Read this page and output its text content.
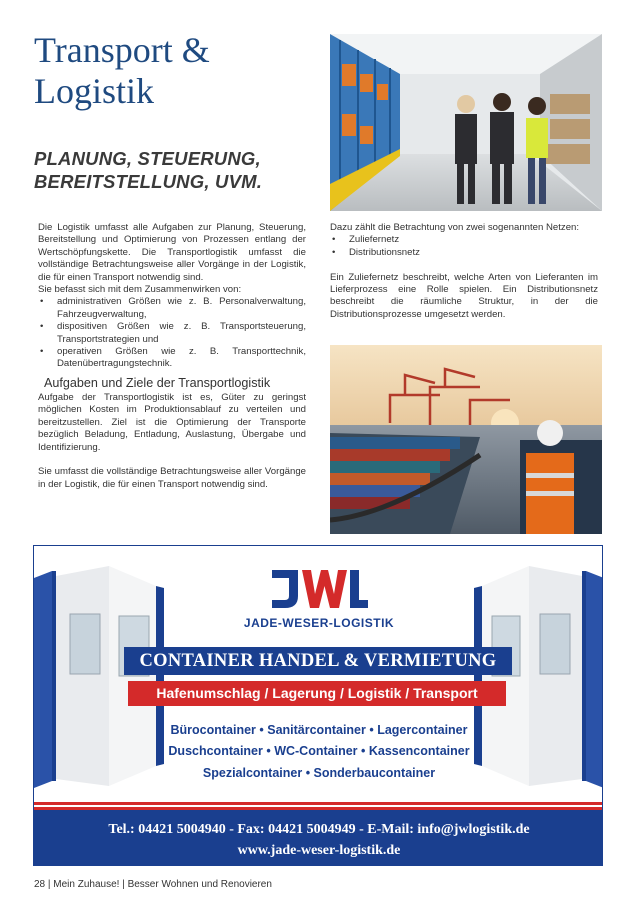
Transport &
Logistik
PLANUNG, STEUERUNG,
BEREITSTELLUNG, UVM.

Die Logistik umfasst alle Aufgaben zur Planung, Steuerung, Bereitstellung und Optimierung von Prozessen entlang der Wertschöpfungskette. Die Transportlogistik umfasst die vollständige Betrachtungsweise aller Vorgänge in der Logistik, die für einen Transport notwendig sind.

Sie befasst sich mit dem Zusammenwirken von:

• administrativen Größen wie z. B. Personalverwaltung, Fahrzeugverwaltung,
• dispositiven Größen wie z. B. Transportsteuerung, Transportstrategien und
• operativen Größen wie z. B. Transporttechnik, Datenübertragungstechnik.
Aufgaben und Ziele der Transportlogistik

Aufgabe der Transportlogistik ist es, Güter zu geringst möglichen Kosten im Produktionsablauf zu verteilen und bereitzustellen. Ziel ist die Optimierung der Transporte bezüglich Beladung, Entladung, Auslastung, Übergabe und Identifizierung.

Sie umfasst die vollständige Betrachtungsweise aller Vorgänge in der Logistik, die für einen Transport notwendig sind.

Dazu zählt die Betrachtung von zwei sogenannten Netzen:

• Zuliefernetz
• Distributionsnetz

Ein Zuliefernetz beschreibt, welche Arten von Lieferanten im Lieferprozess eine Rolle spielen. Ein Distributionsnetz beschreibt die räumliche Struktur, in der die Distributionsprozesse umgesetzt werden.

JADE-WESER-LOGISTIK
CONTAINER HANDEL & VERMIETUNG
Hafenumschlag / Lagerung / Logistik / Transport
Bürocontainer • Sanitärcontainer • Lagercontainer
Duschcontainer • WC-Container • Kassencontainer
Spezialcontainer • Sonderbaucontainer
Tel.: 04421 5004940 - Fax: 04421 5004949 - E-Mail: info@jwlogistik.de
www.jade-weser-logistik.de
28 | Mein Zuhause! | Besser Wohnen und Renovieren
